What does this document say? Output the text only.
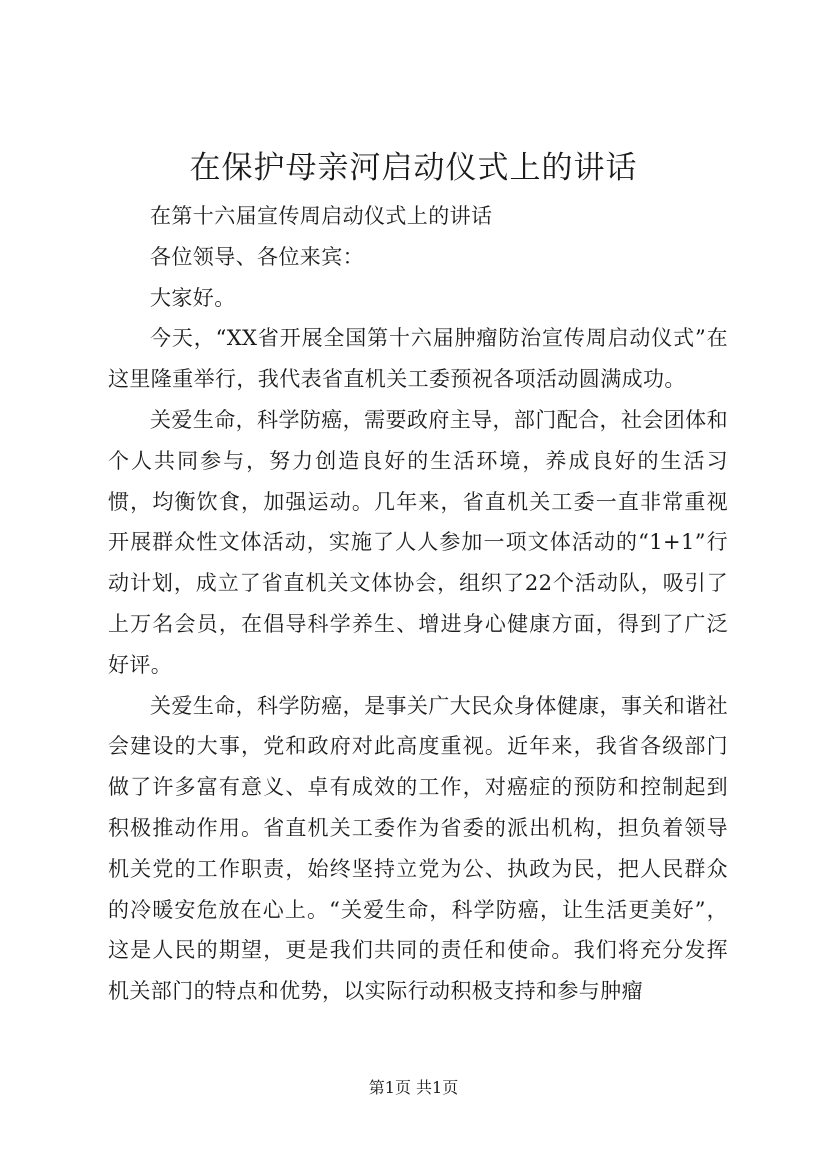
在保护母亲河启动仪式上的讲话

在第十六届宣传周启动仪式上的讲话

各位领导、各位来宾：

大家好。

今天，“XX省开展全国第十六届肿瘤防治宣传周启动仪式”在这里隆重举行，我代表省直机关工委预祝各项活动圆满成功。

关爱生命，科学防癌，需要政府主导，部门配合，社会团体和个人共同参与，努力创造良好的生活环境，养成良好的生活习惯，均衡饮食，加强运动。几年来，省直机关工委一直非常重视开展群众性文体活动，实施了人人参加一项文体活动的“1+1”行动计划，成立了省直机关文体协会，组织了22个活动队，吸引了上万名会员，在倡导科学养生、增进身心健康方面，得到了广泛好评。

关爱生命，科学防癌，是事关广大民众身体健康，事关和谐社会建设的大事，党和政府对此高度重视。近年来，我省各级部门做了许多富有意义、卓有成效的工作，对癌症的预防和控制起到积极推动作用。省直机关工委作为省委的派出机构，担负着领导机关党的工作职责，始终坚持立党为公、执政为民，把人民群众的冷暖安危放在心上。“关爱生命，科学防癌，让生活更美好”，这是人民的期望，更是我们共同的责任和使命。我们将充分发挥机关部门的特点和优势，以实际行动积极支持和参与肿瘤

第1页 共1页
